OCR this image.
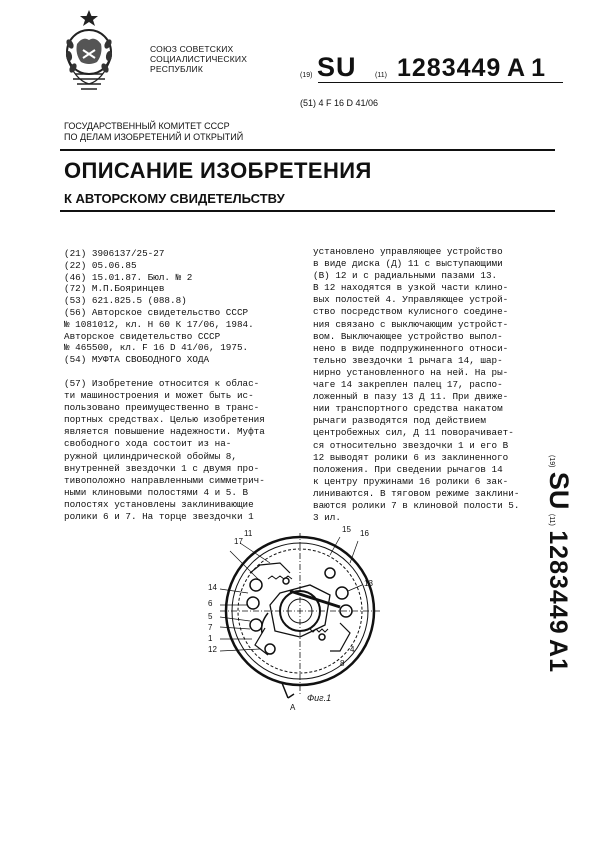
СОЮЗ СОВЕТСКИХ
СОЦИАЛИСТИЧЕСКИХ
РЕСПУБЛИК
(19) SU	(11) 1283449 A 1
(51) 4 F 16 D 41/06
ГОСУДАРСТВЕННЫЙ КОМИТЕТ СССР
ПО ДЕЛАМ ИЗОБРЕТЕНИЙ И ОТКРЫТИЙ
ОПИСАНИЕ ИЗОБРЕТЕНИЯ
К АВТОРСКОМУ СВИДЕТЕЛЬСТВУ
(21) 3906137/25-27
(22) 05.06.85
(46) 15.01.87. Бюл. № 2
(72) М.П.Бояринцев
(53) 621.825.5 (088.8)
(56) Авторское свидетельство СССР
№ 1081012, кл. Н 60 К 17/06, 1984.
Авторское свидетельство СССР
№ 465500, кл. F 16 D 41/06, 1975.
(54) МУФТА СВОБОДНОГО ХОДА
(57) Изобретение относится к облас-
ти машиностроения и может быть ис-
пользовано преимущественно в транс-
портных средствах. Целью изобретения
является повышение надежности. Муфта
свободного хода состоит из на-
ружной цилиндрической обоймы 8,
внутренней звездочки 1 с двумя про-
тивоположно направленными симметрич-
ными клиновыми полостями 4 и 5. В
полостях установлены заклинивающие
ролики 6 и 7. На торце звездочки 1
установлено управляющее устройство
в виде диска (Д) 11 с выступающими
(В) 12 и с радиальными пазами 13.
В 12 находятся в узкой части клино-
вых полостей 4. Управляющее устрой-
ство посредством кулисного соедине-
ния связано с выключающим устройст-
вом. Выключающее устройство выпол-
нено в виде подпружиненного относи-
тельно звездочки 1 рычага 14, шар-
нирно установленного на ней. На ры-
чаге 14 закреплен палец 17, распо-
ложенный в пазу 13 Д 11. При движе-
нии транспортного средства накатом
рычаги разводятся под действием
центробежных сил, Д 11 поворачивает-
ся относительно звездочки 1 и его В
12 выводят ролики 6 из заклиненного
положения. При сведении рычагов 14
к центру пружинами 16 ролики 6 зак-
линиваются. В тяговом режиме заклини-
ваются ролики 7 в клиновой полости 5.
3 ил.
(19) SU (11) 1283449 A1
17
11	15 16
13
14
6
5
7
1
12	4
8
А
Фиг.1
